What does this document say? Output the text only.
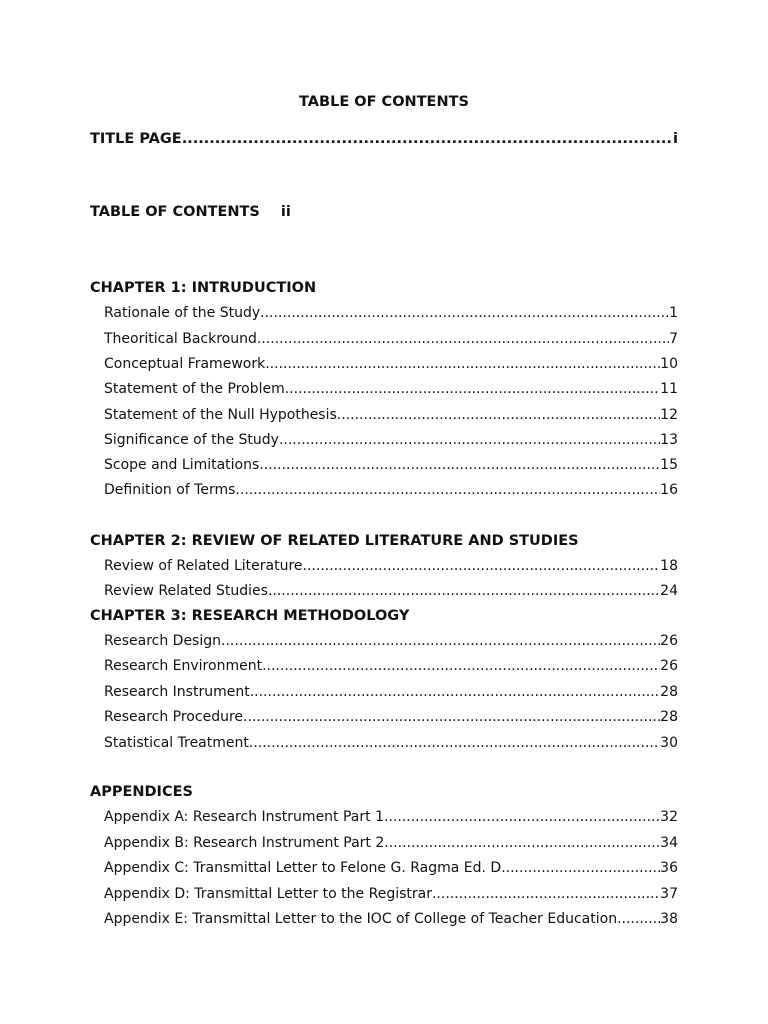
TABLE OF CONTENTS
TITLE PAGE .....	i
TABLE OF CONTENTS ii
CHAPTER 1: INTRUDUCTION
Rationale of the Study .....	1
Theoritical Backround .....	7
Conceptual Framework .....	10
Statement of the Problem .....	11
Statement of the Null Hypothesis .....	12
Significance of the Study .....	13
Scope and Limitations .....	15
Definition of Terms .....	16
CHAPTER 2: REVIEW OF RELATED LITERATURE AND STUDIES
Review of Related Literature .....	18
Review Related Studies .....	24
CHAPTER 3: RESEARCH METHODOLOGY
Research Design .....	26
Research Environment .....	26
Research Instrument .....	28
Research Procedure .....	28
Statistical Treatment .....	30
APPENDICES
Appendix A: Research Instrument Part 1 .....	32
Appendix B: Research Instrument Part 2 .....	34
Appendix C: Transmittal Letter to Felone G. Ragma Ed. D. .....	36
Appendix D: Transmittal Letter to the Registrar .....	37
Appendix E: Transmittal Letter to the IOC of College of Teacher Education .....	38
